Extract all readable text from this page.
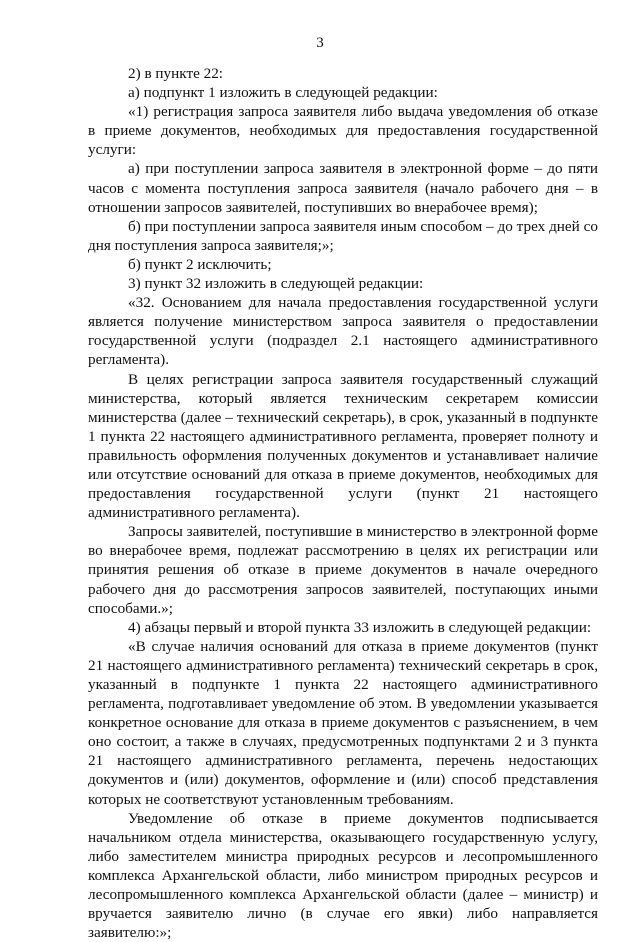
3

2) в пункте 22:

а) подпункт 1 изложить в следующей редакции:

«1) регистрация запроса заявителя либо выдача уведомления об отказе в приеме документов, необходимых для предоставления государственной услуги:

а) при поступлении запроса заявителя в электронной форме – до пяти часов с момента поступления запроса заявителя (начало рабочего дня – в отношении запросов заявителей, поступивших во внерабочее время);

б) при поступлении запроса заявителя иным способом – до трех дней со дня поступления запроса заявителя;»;

б) пункт 2 исключить;

3) пункт 32 изложить в следующей редакции:

«32. Основанием для начала предоставления государственной услуги является получение министерством запроса заявителя о предоставлении государственной услуги (подраздел 2.1 настоящего административного регламента).

В целях регистрации запроса заявителя государственный служащий министерства, который является техническим секретарем комиссии министерства (далее – технический секретарь), в срок, указанный в подпункте 1 пункта 22 настоящего административного регламента, проверяет полноту и правильность оформления полученных документов и устанавливает наличие или отсутствие оснований для отказа в приеме документов, необходимых для предоставления государственной услуги (пункт 21 настоящего административного регламента).

Запросы заявителей, поступившие в министерство в электронной форме во внерабочее время, подлежат рассмотрению в целях их регистрации или принятия решения об отказе в приеме документов в начале очередного рабочего дня до рассмотрения запросов заявителей, поступающих иными способами.»;

4) абзацы первый и второй пункта 33 изложить в следующей редакции:

«В случае наличия оснований для отказа в приеме документов (пункт 21 настоящего административного регламента) технический секретарь в срок, указанный в подпункте 1 пункта 22 настоящего административного регламента, подготавливает уведомление об этом. В уведомлении указывается конкретное основание для отказа в приеме документов с разъяснением, в чем оно состоит, а также в случаях, предусмотренных подпунктами 2 и 3 пункта 21 настоящего административного регламента, перечень недостающих документов и (или) документов, оформление и (или) способ представления которых не соответствуют установленным требованиям.

Уведомление об отказе в приеме документов подписывается начальником отдела министерства, оказывающего государственную услугу, либо заместителем министра природных ресурсов и лесопромышленного комплекса Архангельской области, либо министром природных ресурсов и лесопромышленного комплекса Архангельской области (далее – министр) и вручается заявителю лично (в случае его явки) либо направляется заявителю:»;
